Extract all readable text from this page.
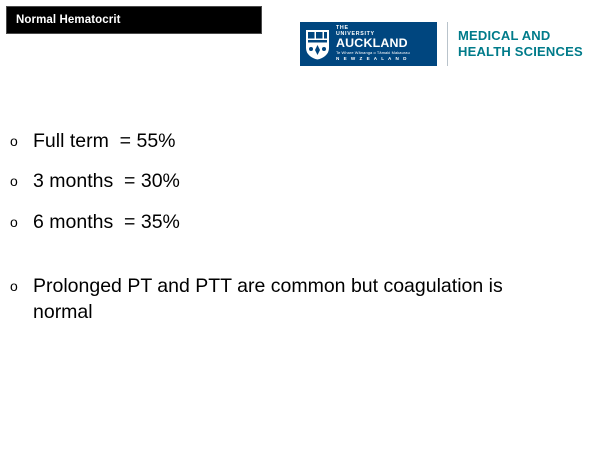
Normal Hematocrit
THE
UNIVERSITY
AUCKLAND
Te Whare Wānanga o Tāmaki Makaurau
N E W Z E A L A N D
MEDICAL AND
HEALTH SCIENCES
o Full term  = 55%
o 3 months  = 30%
o 6 months  = 35%
o Prolonged PT and PTT are common but coagulation is normal
